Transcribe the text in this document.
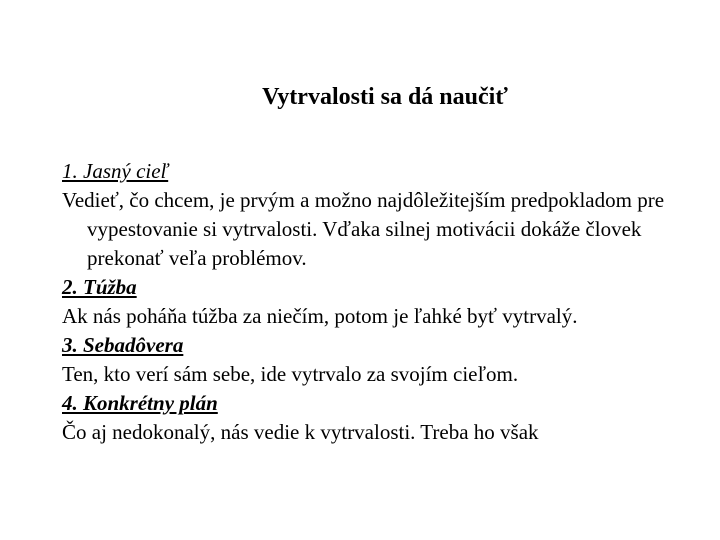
Vytrvalosti sa dá naučiť

1. Jasný cieľ

Vedieť, čo chcem, je prvým a možno najdôležitejším predpokladom pre vypestovanie si vytrvalosti. Vďaka silnej motivácii dokáže človek prekonať veľa problémov.

2. Túžba

Ak nás poháňa túžba za niečím, potom je ľahké byť vytrvalý.

3. Sebadôvera

Ten, kto verí sám sebe, ide vytrvalo za svojím cieľom.

4. Konkrétny plán

Čo aj nedokonalý, nás vedie k vytrvalosti. Treba ho však
